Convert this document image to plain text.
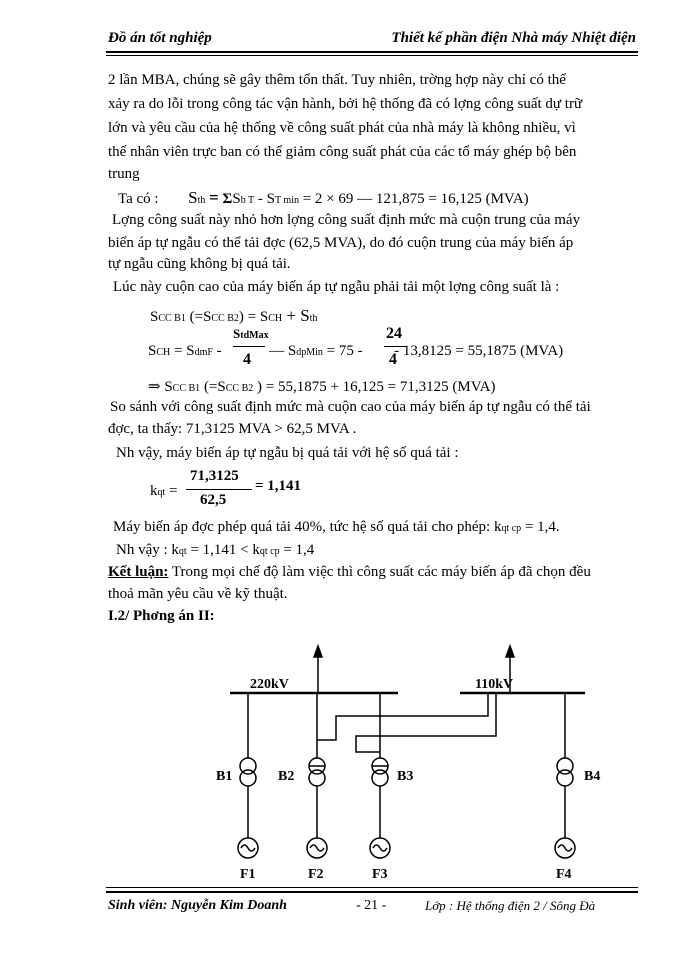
Đồ án tốt nghiệp	Thiết kế phần điện Nhà máy Nhiệt điện
2 lần MBA, chúng sẽ gây thêm tổn thất. Tuy nhiên, trờng hợp này chỉ có thể
xảy ra do lỗi trong công tác vận hành, bởi hệ thống đã có lợng công suất dự trữ
lớn và yêu cầu của hệ thống về công suất phát của nhà máy là không nhiều, vì
thế nhân viên trực ban có thể giảm công suất phát của các tổ máy ghép bộ bên
trung
Ta có : Sth = ΣSb T - ST min = 2 × 69 — 121,875 = 16,125 (MVA)
Lợng công suất này nhỏ hơn lợng công suất định mức mà cuộn trung của máy
biến áp tự ngẫu có thể tải đợc (62,5 MVA), do đó cuộn trung của máy biến áp
tự ngẫu cũng không bị quá tải.
Lúc này cuộn cao của máy biến áp tự ngẫu phải tải một lợng công suất là :
SCC B1 (=SCC B2) = SCH + Sth
SCH = SdmF -	— SdpMin = 75 -  - 13,8125 = 55,1875 (MVA)
StdMax
4
24
4
⇒ SCC B1 (=SCC B2 ) = 55,1875 + 16,125 = 71,3125 (MVA)
So sánh với công suất định mức mà cuộn cao của máy biến áp tự ngẫu có thể tải
đợc, ta thấy: 71,3125 MVA > 62,5 MVA .
Nh vậy, máy biến áp tự ngẫu bị quá tải với hệ số quá tải :
kqt =
71,3125
62,5
= 1,141
Máy biến áp đợc phép quá tải 40%, tức hệ số quá tải cho phép: kqt cp = 1,4.
Nh vậy : kqt = 1,141 < kqt cp = 1,4
Kết luận: Trong mọi chế độ làm việc thì công suất các máy biến áp đã chọn đều
thoả mãn yêu cầu về kỹ thuật.
I.2/ Phơng án II:
220kV	110kV
B1	B2	B3	B4
F1	F2	F3	F4
Sinh viên: Nguyễn Kim Doanh	- 21 -	Lớp : Hệ thống điện 2 / Sông Đà
